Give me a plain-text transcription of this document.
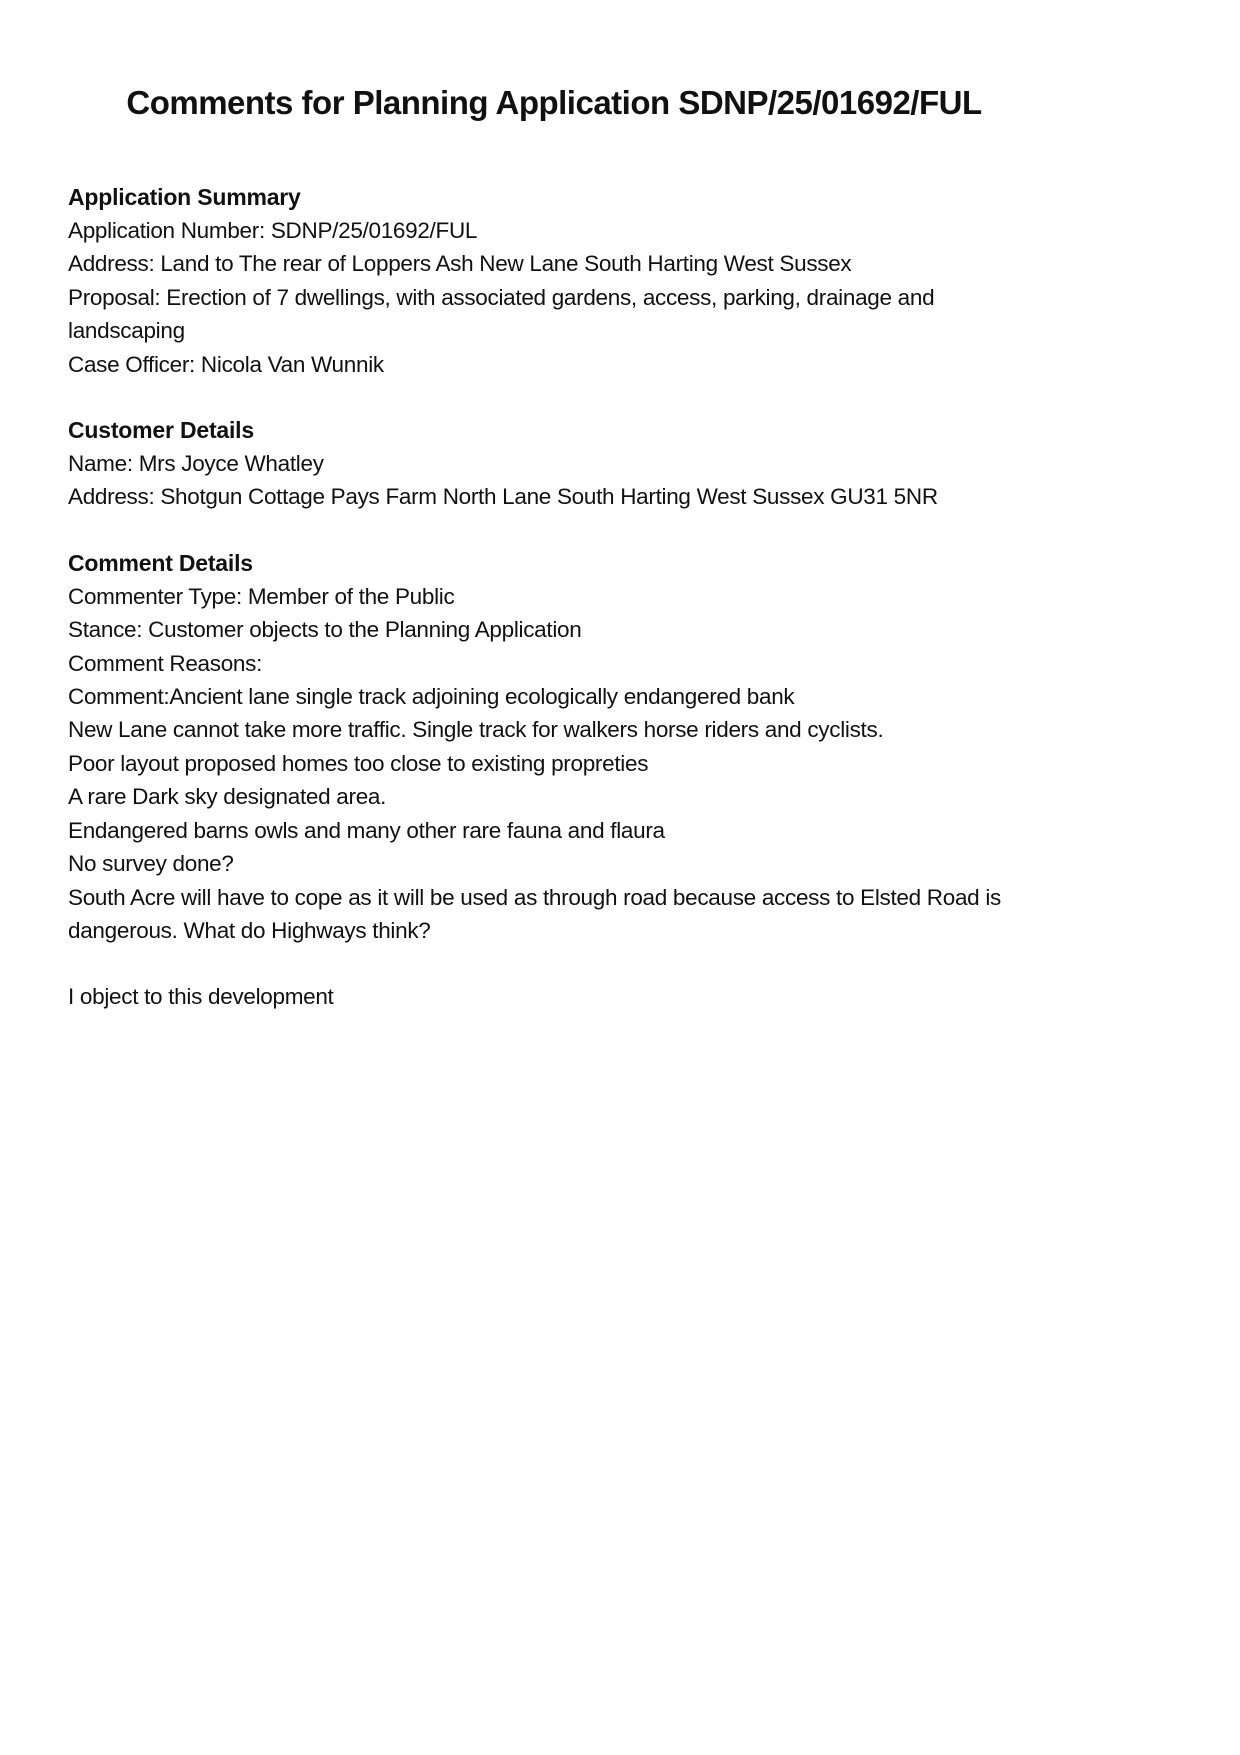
Comments for Planning Application SDNP/25/01692/FUL
Application Summary

Application Number: SDNP/25/01692/FUL

Address: Land to The rear of Loppers Ash New Lane South Harting West Sussex

Proposal: Erection of 7 dwellings, with associated gardens, access, parking, drainage and

landscaping

Case Officer: Nicola Van Wunnik

Customer Details

Name: Mrs Joyce Whatley

Address: Shotgun Cottage Pays Farm North Lane South Harting West Sussex GU31 5NR

Comment Details

Commenter Type: Member of the Public

Stance: Customer objects to the Planning Application

Comment Reasons:

Comment:Ancient lane single track adjoining ecologically endangered bank

New Lane cannot take more traffic. Single track for walkers horse riders and cyclists.

Poor layout proposed homes too close to existing propreties

A rare Dark sky designated area.

Endangered barns owls and many other rare fauna and flaura

No survey done?

South Acre will have to cope as it will be used as through road because access to Elsted Road is

dangerous. What do Highways think?

I object to this development
